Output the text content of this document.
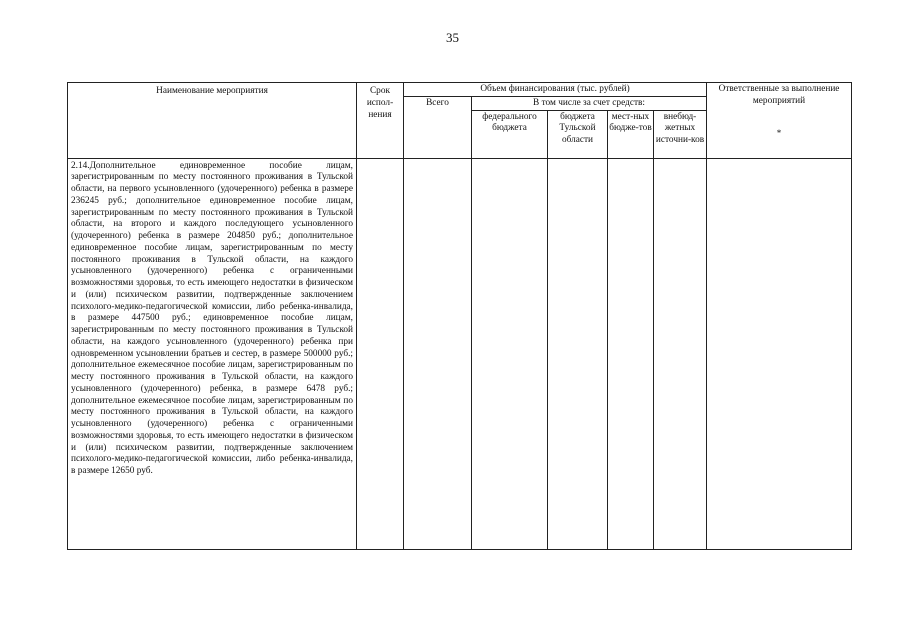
35
Наименование мероприятия	Срок испол-нения	Объем финансирования (тыс. рублей)					Ответственные за выполнение мероприятий
*

		Всего	В том числе за счет средств:				
			федерального бюджета	бюджета Тульской области	мест-ных бюдже-тов	внебюд-жетных источни-ков	
2.14.Дополнительное единовременное пособие лицам, зарегистрированным по месту постоянного проживания в Тульской области, на первого усыновленного (удочеренного) ребенка в размере 236245 руб.; дополнительное единовременное пособие лицам, зарегистрированным по месту постоянного проживания в Тульской области, на второго и каждого последующего усыновленного (удочеренного) ребенка в размере 204850 руб.; дополнительное единовременное пособие лицам, зарегистрированным по месту постоянного проживания в Тульской области, на каждого усыновленного (удочеренного) ребенка с ограниченными возможностями здоровья, то есть имеющего недостатки в физическом и (или) психическом развитии, подтвержденные заключением психолого-медико-педагогической комиссии, либо ребенка-инвалида, в размере 447500 руб.; единовременное пособие лицам, зарегистрированным по месту постоянного проживания в Тульской области, на каждого усыновленного (удочеренного) ребенка при одновременном усыновлении братьев и сестер, в размере 500000 руб.; дополнительное ежемесячное пособие лицам, зарегистрированным по месту постоянного проживания в Тульской области, на каждого усыновленного (удочеренного) ребенка, в размере 6478 руб.; дополнительное ежемесячное пособие лицам, зарегистрированным по месту постоянного проживания в Тульской области, на каждого усыновленного (удочеренного) ребенка с ограниченными возможностями здоровья, то есть имеющего недостатки в физическом и (или) психическом развитии, подтвержденные заключением психолого-медико-педагогической комиссии, либо ребенка-инвалида, в размере 12650 руб.							
